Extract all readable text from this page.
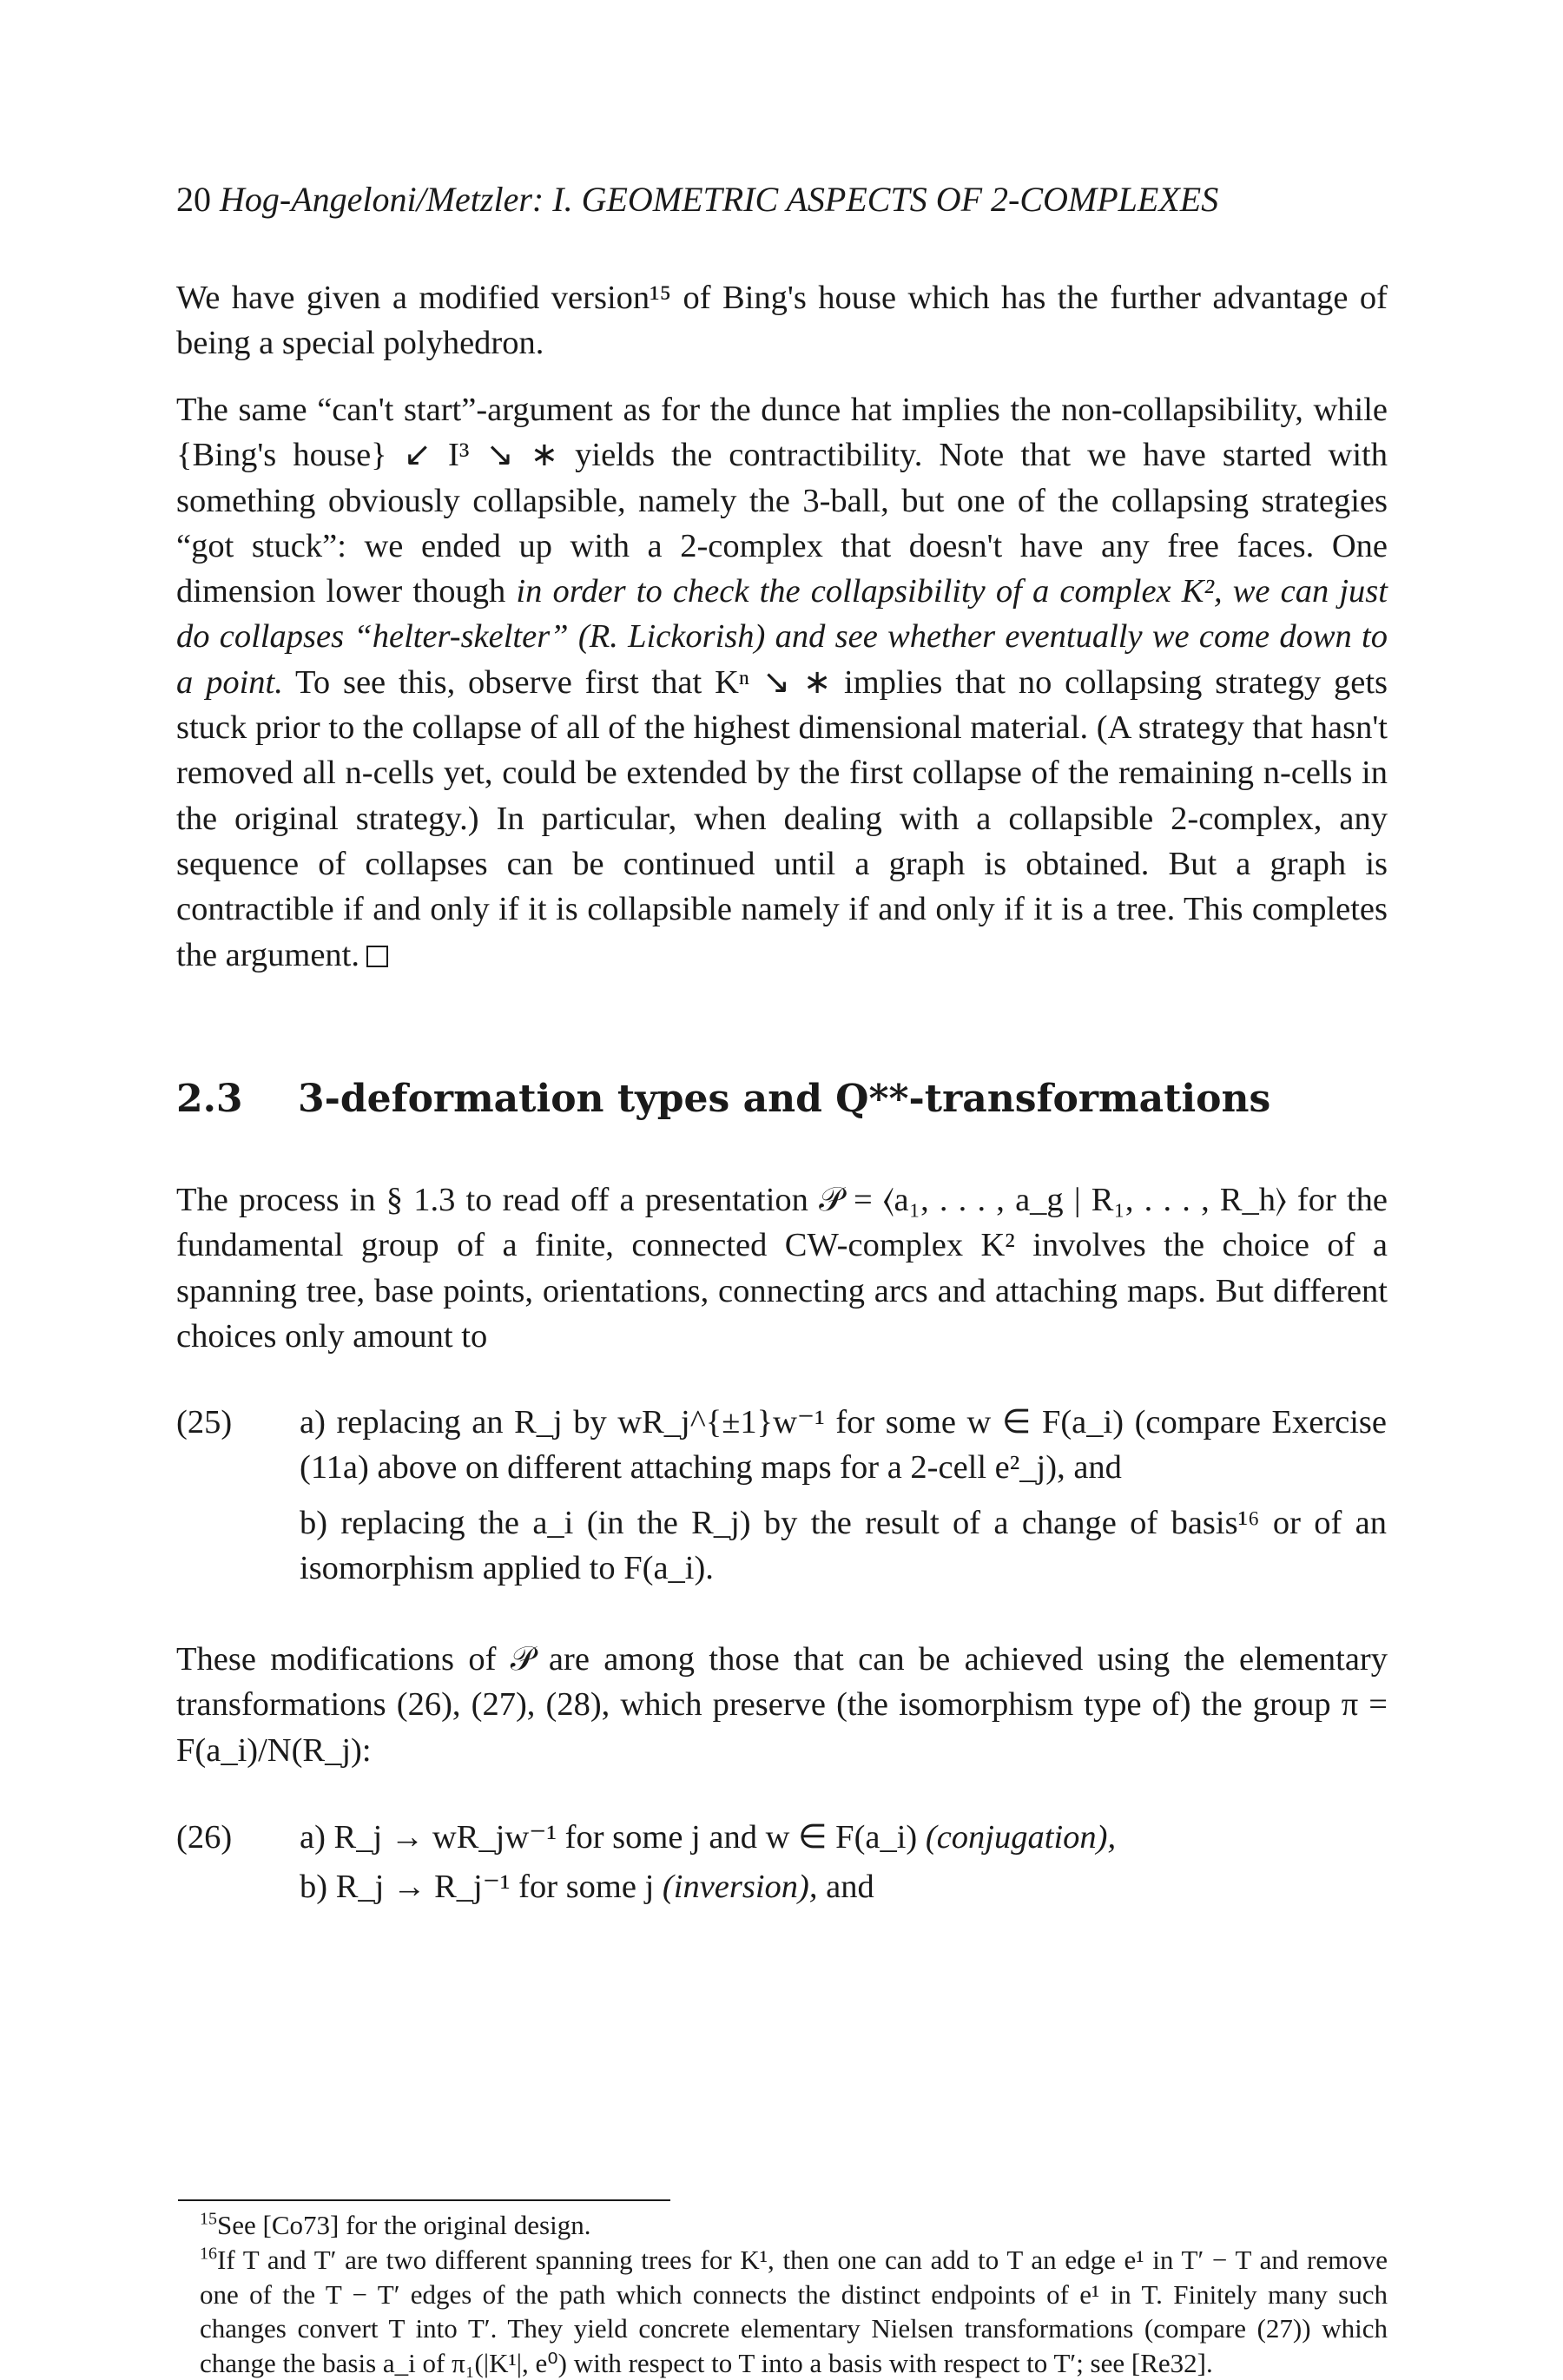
20 Hog-Angeloni/Metzler: I. GEOMETRIC ASPECTS OF 2-COMPLEXES

We have given a modified version¹⁵ of Bing's house which has the further advantage of being a special polyhedron.

The same “can't start”-argument as for the dunce hat implies the non-collapsibility, while {Bing's house} ↙ I³ ↘ ∗ yields the contractibility. Note that we have started with something obviously collapsible, namely the 3-ball, but one of the collapsing strategies “got stuck”: we ended up with a 2-complex that doesn't have any free faces. One dimension lower though in order to check the collapsibility of a complex K², we can just do collapses “helter-skelter” (R. Lickorish) and see whether eventually we come down to a point. To see this, observe first that Kⁿ ↘ ∗ implies that no collapsing strategy gets stuck prior to the collapse of all of the highest dimensional material. (A strategy that hasn't removed all n-cells yet, could be extended by the first collapse of the remaining n-cells in the original strategy.) In particular, when dealing with a collapsible 2-complex, any sequence of collapses can be continued until a graph is obtained. But a graph is contractible if and only if it is collapsible namely if and only if it is a tree. This completes the argument.

2.3 3-deformation types and Q**-transformations

The process in § 1.3 to read off a presentation 𝒫 = ⟨a₁, . . . , a_g | R₁, . . . , R_h⟩ for the fundamental group of a finite, connected CW-complex K² involves the choice of a spanning tree, base points, orientations, connecting arcs and attaching maps. But different choices only amount to

(25)	a) replacing an R_j by wR_j^{±1}w⁻¹ for some w ∈ F(a_i) (compare Exercise (11a) above on different attaching maps for a 2-cell e²_j), and
b) replacing the a_i (in the R_j) by the result of a change of basis¹⁶ or of an isomorphism applied to F(a_i).

These modifications of 𝒫 are among those that can be achieved using the elementary transformations (26), (27), (28), which preserve (the isomorphism type of) the group π = F(a_i)/N(R_j):

(26)	a) R_j → wR_jw⁻¹ for some j and w ∈ F(a_i) (conjugation),
b) R_j → R_j⁻¹ for some j (inversion), and
$^{15}$See [Co73] for the original design.
$^{16}$If T and T′ are two different spanning trees for K¹, then one can add to T an edge e¹ in T′ − T and remove one of the T − T′ edges of the path which connects the distinct endpoints of e¹ in T. Finitely many such changes convert T into T′. They yield concrete elementary Nielsen transformations (compare (27)) which change the basis a_i of π₁(|K¹|, e⁰) with respect to T into a basis with respect to T′; see [Re32].
